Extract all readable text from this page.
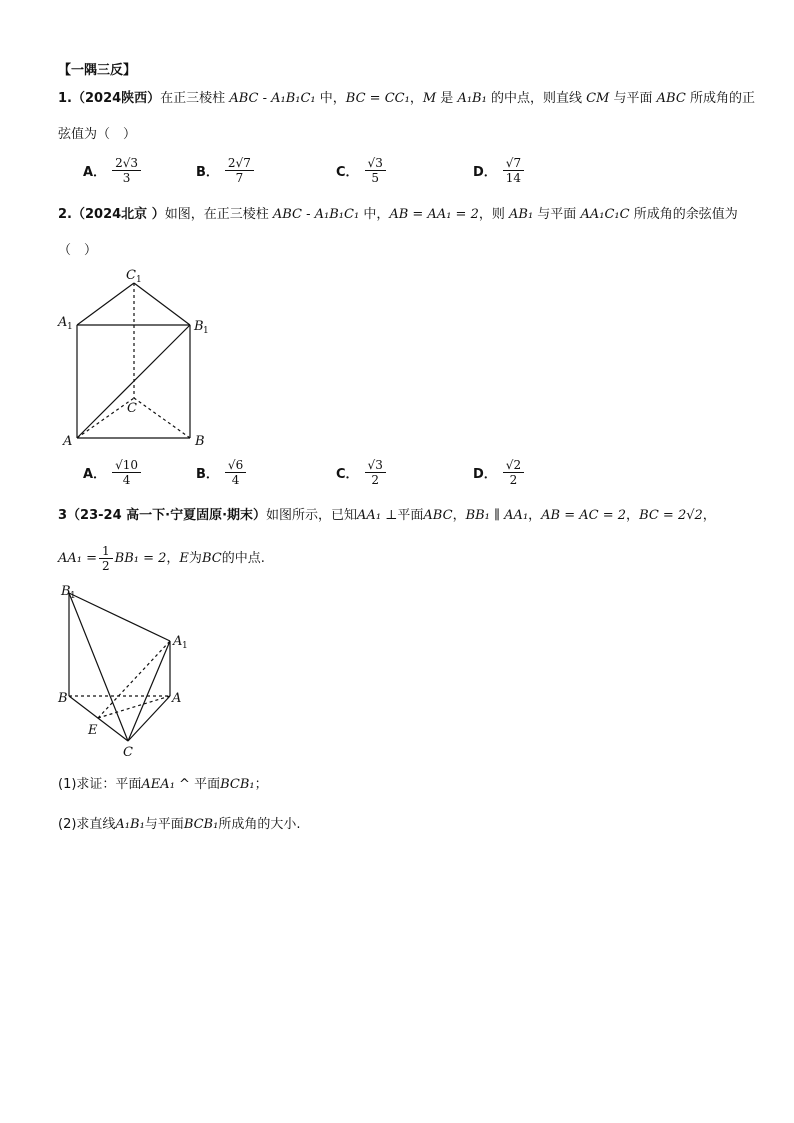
【一隅三反】
1.（2024陕西）在正三棱柱 ABC - A₁B₁C₁ 中，BC = CC₁，M 是 A₁B₁ 的中点，则直线 CM 与平面 ABC 所成角的正
弦值为（　）
A． $\frac{2√3}{3}$	B． $\frac{2√7}{7}$	C． $\frac{√3}{5}$	D． $\frac{√7}{14}$
2.（2024北京 ）如图，在正三棱柱 ABC - A₁B₁C₁ 中，AB = AA₁ = 2，则 AB₁ 与平面 AA₁C₁C 所成角的余弦值为
（　）
C 1
A 1	B 1
C
A	B
A． $\frac{√10}{4}$	B． $\frac{√6}{4}$	C． $\frac{√3}{2}$	D． $\frac{√2}{2}$
3（23-24 高一下·宁夏固原·期末）如图所示，已知AA₁ ⊥平面ABC，BB₁ ∥ AA₁，AB = AC = 2，BC = 2√2，
$AA_1 = \frac{1}{2} BB_1 = 2$ ， E 为 BC 的中点.
B 1
A 1
B	A
E
C
(1)求证：平面AEA₁ ^ 平面BCB₁；
(2)求直线A₁B₁与平面BCB₁所成角的大小.
